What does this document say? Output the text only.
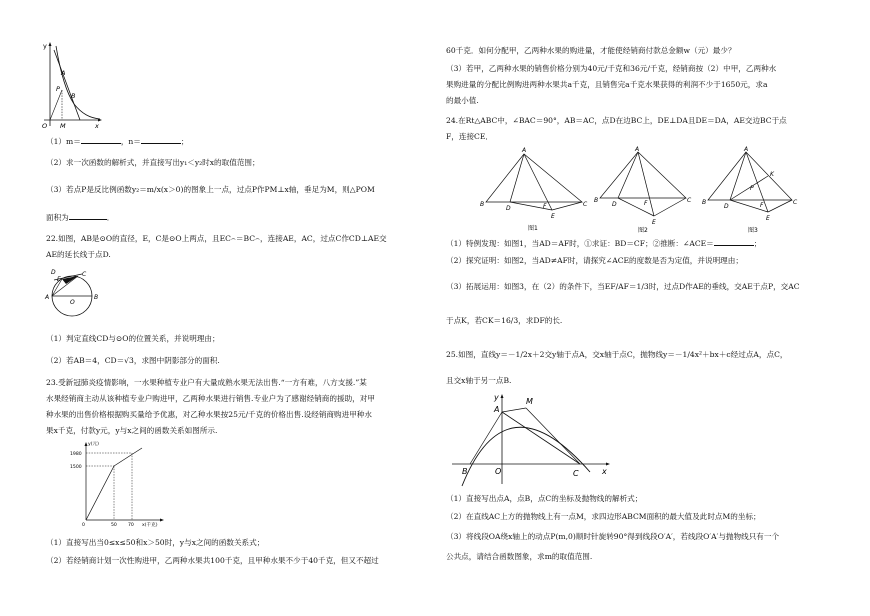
y
A
P
B
O M	x
（1）m＝	，n＝	；
（2）求一次函数的解析式，并直接写出y₁＜y₂时x的取值范围；
（3）若点P是反比例函数y₂＝m/x(x＞0)的图象上一点，过点P作PM⊥x轴，垂足为M，则△POM
面积为	．
22.如图，AB是⊙O的直径，E，C是⊙O上两点，且EC⌢＝BC⌢，连接AE，AC，过点C作CD⊥AE交
AE的延长线于点D.
D
E
C
A
O
B
（1）判定直线CD与⊙O的位置关系，并说明理由；
（2）若AB＝4，CD＝√3，求图中阴影部分的面积.
23.受新冠肺炎疫情影响，一水果种植专业户有大量成熟水果无法出售.“一方有难，八方支援.”某
水果经销商主动从该种植专业户购进甲，乙两种水果进行销售.专业户为了感谢经销商的援助，对甲
种水果的出售价格根据购买量给予优惠，对乙种水果按25元/千克的价格出售.设经销商购进甲种水
果x千克，付款y元，y与x之间的函数关系如图所示.
y(元)
1980
1500
0	50 70 x(千克)
（1）直接写出当0≤x≤50和x＞50时，y与x之间的函数关系式；
（2）若经销商计划一次性购进甲，乙两种水果共100千克，且甲种水果不少于40千克，但又不超过
60千克．如何分配甲，乙两种水果的购进量，才能使经销商付款总金额w（元）最少？
（3）若甲，乙两种水果的销售价格分别为40元/千克和36元/千克，经销商按（2）中甲，乙两种水
果购进量的分配比例购进两种水果共a千克，且销售完a千克水果获得的利润不少于1650元，求a
的最小值.
24.在Rt△ABC中，∠BAC＝90°，AB＝AC，点D在边BC上，DE⊥DA且DE＝DA，AE交边BC于点
F，连接CE．
A
B
D	F	C
E
图1
A
B
D	F	C
E
图2
A
K
P
B
D	F	C
E
图3
（1）特例发现：如图1，当AD＝AF时，①求证：BD＝CF；②推断：∠ACE＝	；
（2）探究证明：如图2，当AD≠AF时，请探究∠ACE的度数是否为定值，并说明理由；
（3）拓展运用：如图3，在（2）的条件下，当EF/AF＝1/3时，过点D作AE的垂线，交AE于点P，交AC
于点K，若CK＝16/3，求DF的长.
25.如图，直线y＝－1/2x＋2交y轴于点A，交x轴于点C，抛物线y＝－1/4x²＋bx＋c经过点A，点C，
且交x轴于另一点B.
y
A
M
B	O	C	x
（1）直接写出点A，点B，点C的坐标及抛物线的解析式；
（2）在直线AC上方的抛物线上有一点M，求四边形ABCM面积的最大值及此时点M的坐标；
（3）将线段OA绕x轴上的动点P(m,0)顺时针旋转90°得到线段O′A′，若线段O′A′与抛物线只有一个
公共点，请结合函数图象，求m的取值范围.
